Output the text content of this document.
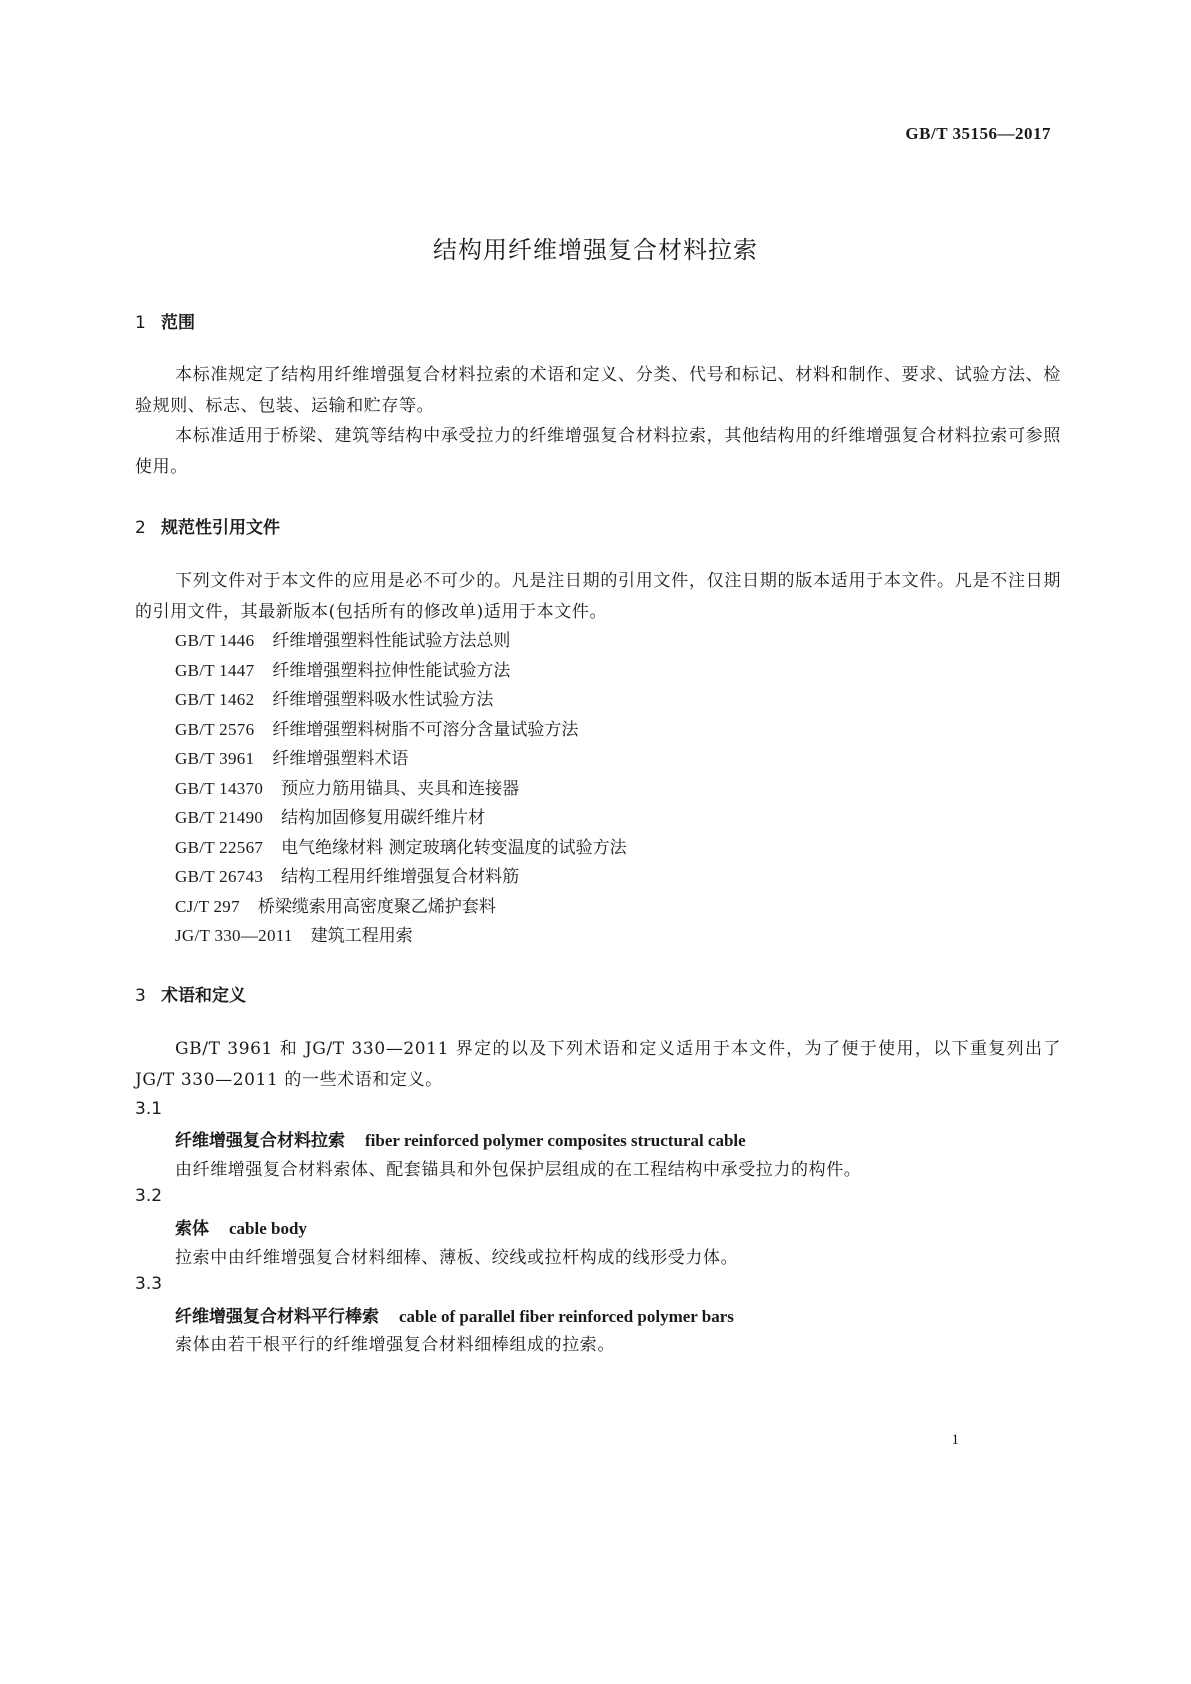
GB/T 35156—2017
结构用纤维增强复合材料拉索
1 范围
本标准规定了结构用纤维增强复合材料拉索的术语和定义、分类、代号和标记、材料和制作、要求、试验方法、检验规则、标志、包装、运输和贮存等。
本标准适用于桥梁、建筑等结构中承受拉力的纤维增强复合材料拉索，其他结构用的纤维增强复合材料拉索可参照使用。
2 规范性引用文件
下列文件对于本文件的应用是必不可少的。凡是注日期的引用文件，仅注日期的版本适用于本文件。凡是不注日期的引用文件，其最新版本(包括所有的修改单)适用于本文件。
GB/T 1446 纤维增强塑料性能试验方法总则
GB/T 1447 纤维增强塑料拉伸性能试验方法
GB/T 1462 纤维增强塑料吸水性试验方法
GB/T 2576 纤维增强塑料树脂不可溶分含量试验方法
GB/T 3961 纤维增强塑料术语
GB/T 14370 预应力筋用锚具、夹具和连接器
GB/T 21490 结构加固修复用碳纤维片材
GB/T 22567 电气绝缘材料 测定玻璃化转变温度的试验方法
GB/T 26743 结构工程用纤维增强复合材料筋
CJ/T 297 桥梁缆索用高密度聚乙烯护套料
JG/T 330—2011 建筑工程用索
3 术语和定义
GB/T 3961 和 JG/T 330—2011 界定的以及下列术语和定义适用于本文件，为了便于使用，以下重复列出了 JG/T 330—2011 的一些术语和定义。
3.1
纤维增强复合材料拉索 fiber reinforced polymer composites structural cable
由纤维增强复合材料索体、配套锚具和外包保护层组成的在工程结构中承受拉力的构件。
3.2
索体 cable body
拉索中由纤维增强复合材料细棒、薄板、绞线或拉杆构成的线形受力体。
3.3
纤维增强复合材料平行棒索 cable of parallel fiber reinforced polymer bars
索体由若干根平行的纤维增强复合材料细棒组成的拉索。
1
